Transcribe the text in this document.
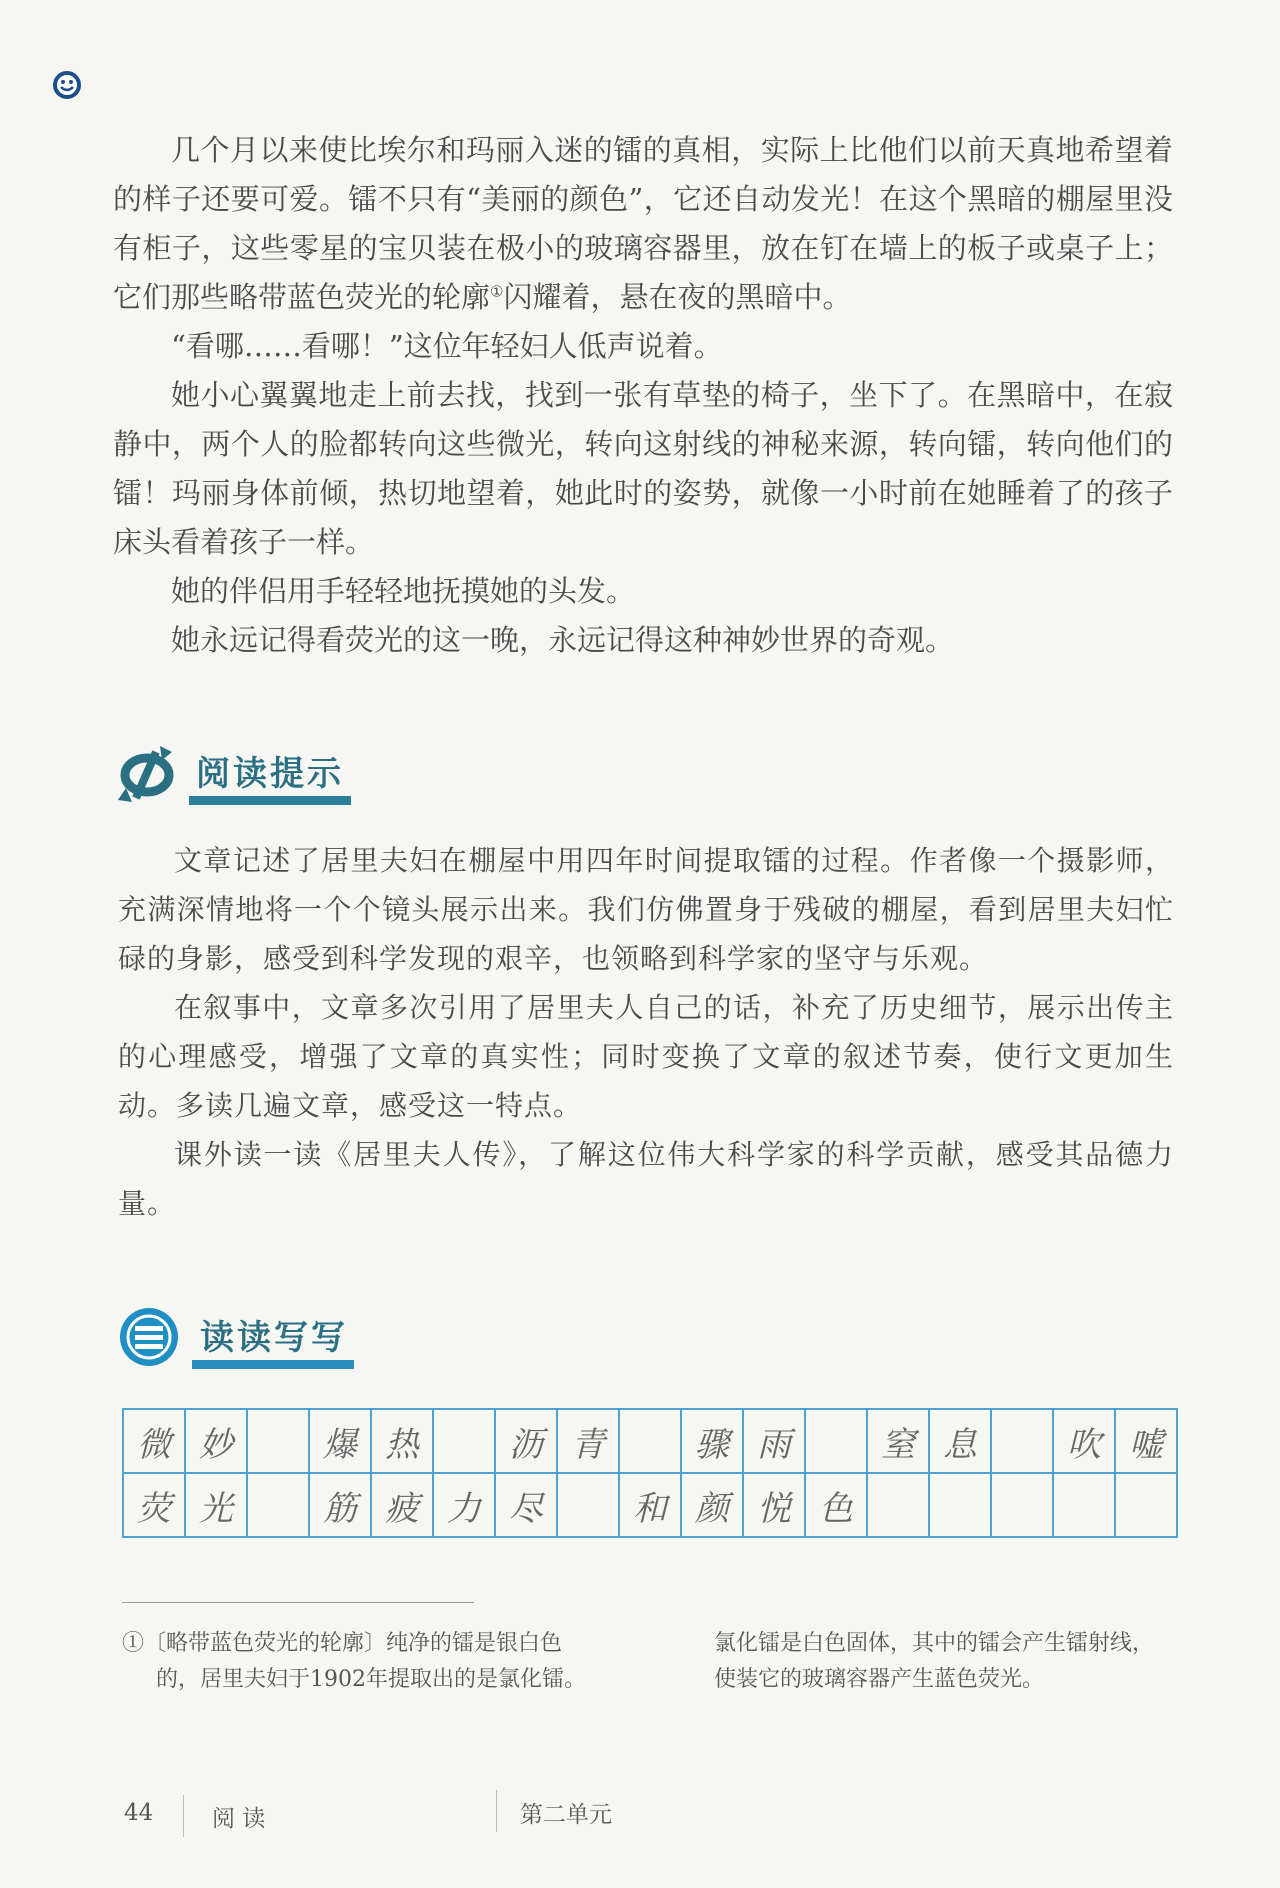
几个月以来使比埃尔和玛丽入迷的镭的真相，实际上比他们以前天真地希望着的样子还要可爱。镭不只有“美丽的颜色”，它还自动发光！在这个黑暗的棚屋里没有柜子，这些零星的宝贝装在极小的玻璃容器里，放在钉在墙上的板子或桌子上；它们那些略带蓝色荧光的轮廓①闪耀着，悬在夜的黑暗中。

“看哪……看哪！”这位年轻妇人低声说着。

她小心翼翼地走上前去找，找到一张有草垫的椅子，坐下了。在黑暗中，在寂静中，两个人的脸都转向这些微光，转向这射线的神秘来源，转向镭，转向他们的镭！玛丽身体前倾，热切地望着，她此时的姿势，就像一小时前在她睡着了的孩子床头看着孩子一样。

她的伴侣用手轻轻地抚摸她的头发。

她永远记得看荧光的这一晚，永远记得这种神妙世界的奇观。

阅读提示

文章记述了居里夫妇在棚屋中用四年时间提取镭的过程。作者像一个摄影师，充满深情地将一个个镜头展示出来。我们仿佛置身于残破的棚屋，看到居里夫妇忙碌的身影，感受到科学发现的艰辛，也领略到科学家的坚守与乐观。

在叙事中，文章多次引用了居里夫人自己的话，补充了历史细节，展示出传主的心理感受，增强了文章的真实性；同时变换了文章的叙述节奏，使行文更加生动。多读几遍文章，感受这一特点。

课外读一读《居里夫人传》，了解这位伟大科学家的科学贡献，感受其品德力量。

读读写写
微	妙		爆	热		沥	青		骤	雨		窒	息		吹	嘘
荧	光		筋	疲	力	尽		和	颜	悦	色					
①〔略带蓝色荧光的轮廓〕纯净的镭是银白色
的，居里夫妇于1902年提取出的是氯化镭。
氯化镭是白色固体，其中的镭会产生镭射线，
使装它的玻璃容器产生蓝色荧光。
44	阅 读	第二单元
